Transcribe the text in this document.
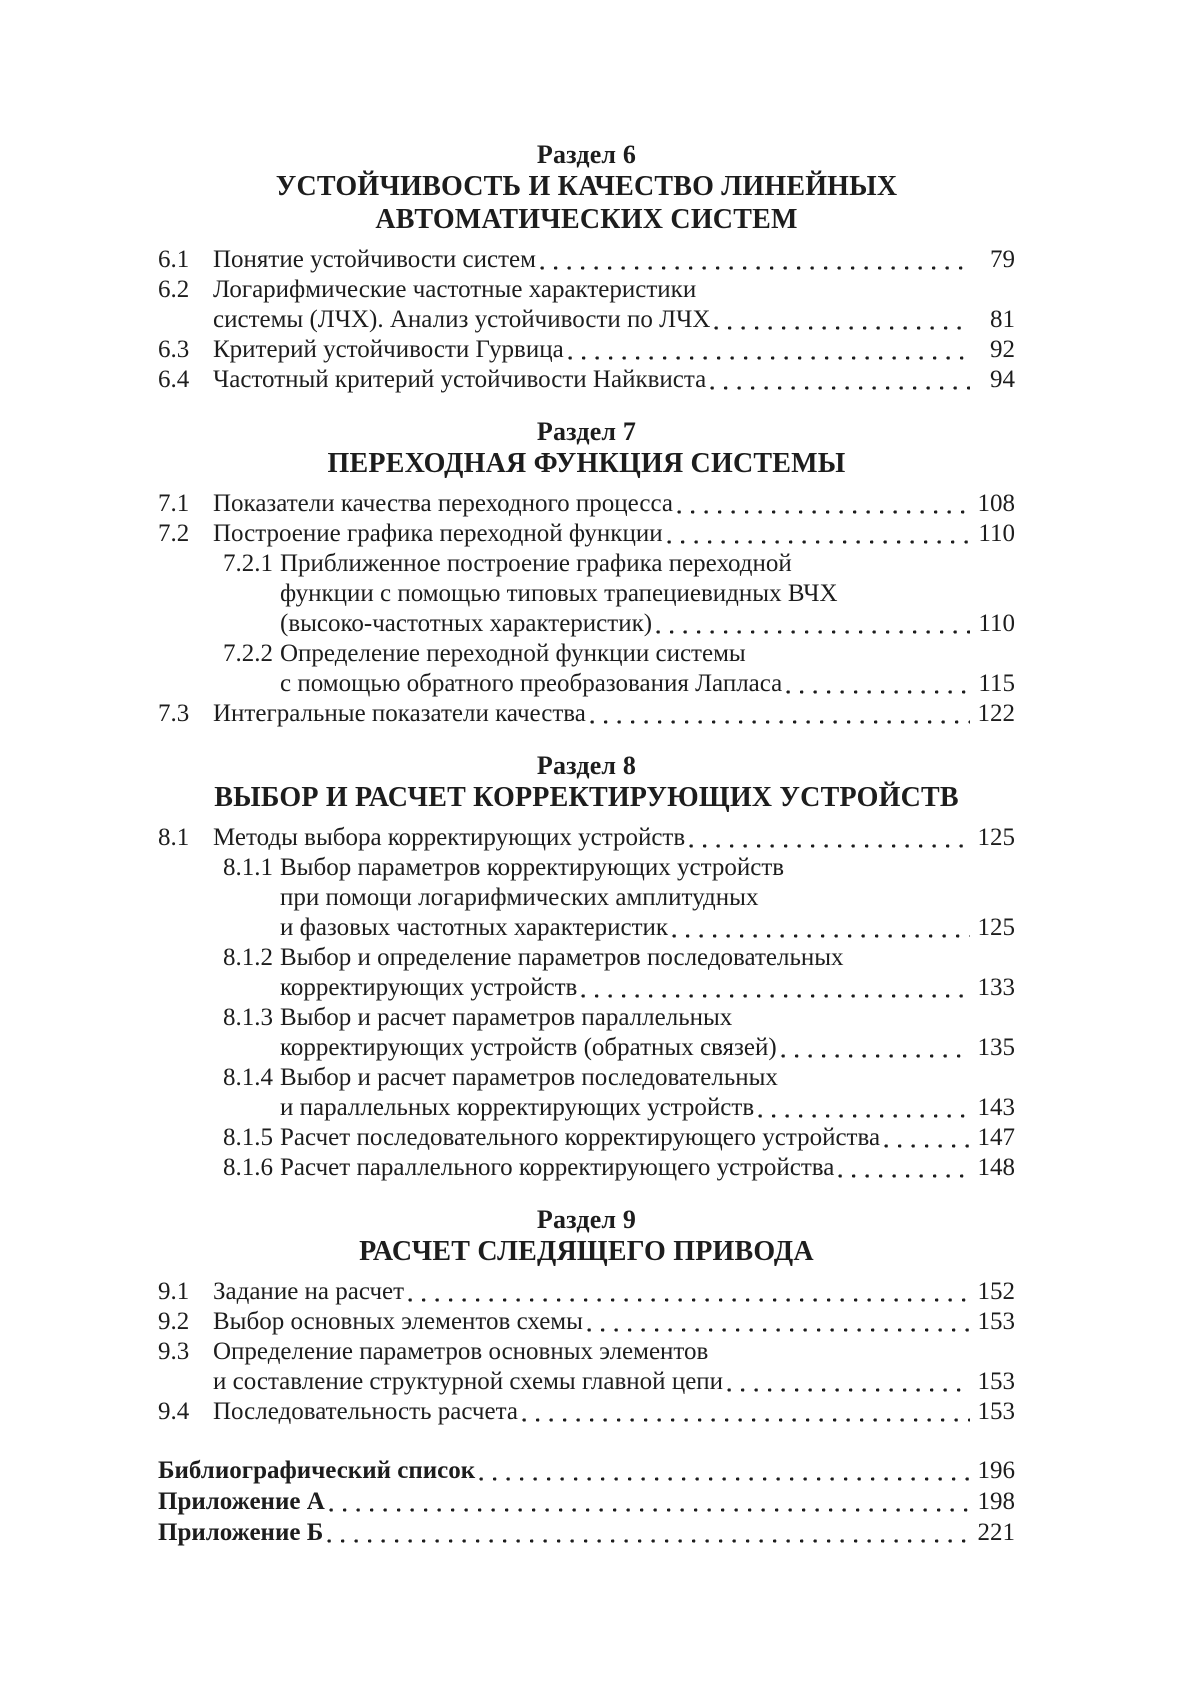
Раздел 6
УСТОЙЧИВОСТЬ И КАЧЕСТВО ЛИНЕЙНЫХ
АВТОМАТИЧЕСКИХ СИСТЕМ
6.1 Понятие устойчивости систем	79
6.2 Логарифмические частотные характеристики
системы (ЛЧХ). Анализ устойчивости по ЛЧХ	81
6.3 Критерий устойчивости Гурвица	92
6.4 Частотный критерий устойчивости Найквиста	94
Раздел 7
ПЕРЕХОДНАЯ ФУНКЦИЯ СИСТЕМЫ
7.1 Показатели качества переходного процесса	108
7.2 Построение графика переходной функции	110
7.2.1 Приближенное построение графика переходной
функции с помощью типовых трапециевидных ВЧХ
(высоко-частотных характеристик)	110
7.2.2 Определение переходной функции системы
с помощью обратного преобразования Лапласа	115
7.3 Интегральные показатели качества	122
Раздел 8
ВЫБОР И РАСЧЕТ КОРРЕКТИРУЮЩИХ УСТРОЙСТВ
8.1 Методы выбора корректирующих устройств	125
8.1.1 Выбор параметров корректирующих устройств
при помощи логарифмических амплитудных
и фазовых частотных характеристик	125
8.1.2 Выбор и определение параметров последовательных
корректирующих устройств	133
8.1.3 Выбор и расчет параметров параллельных
корректирующих устройств (обратных связей)	135
8.1.4 Выбор и расчет параметров последовательных
и параллельных корректирующих устройств	143
8.1.5 Расчет последовательного корректирующего устройства	147
8.1.6 Расчет параллельного корректирующего устройства	148
Раздел 9
РАСЧЕТ СЛЕДЯЩЕГО ПРИВОДА
9.1 Задание на расчет	152
9.2 Выбор основных элементов схемы	153
9.3 Определение параметров основных элементов
и составление структурной схемы главной цепи	153
9.4 Последовательность расчета	153
Библиографический список	196
Приложение А	198
Приложение Б	221
